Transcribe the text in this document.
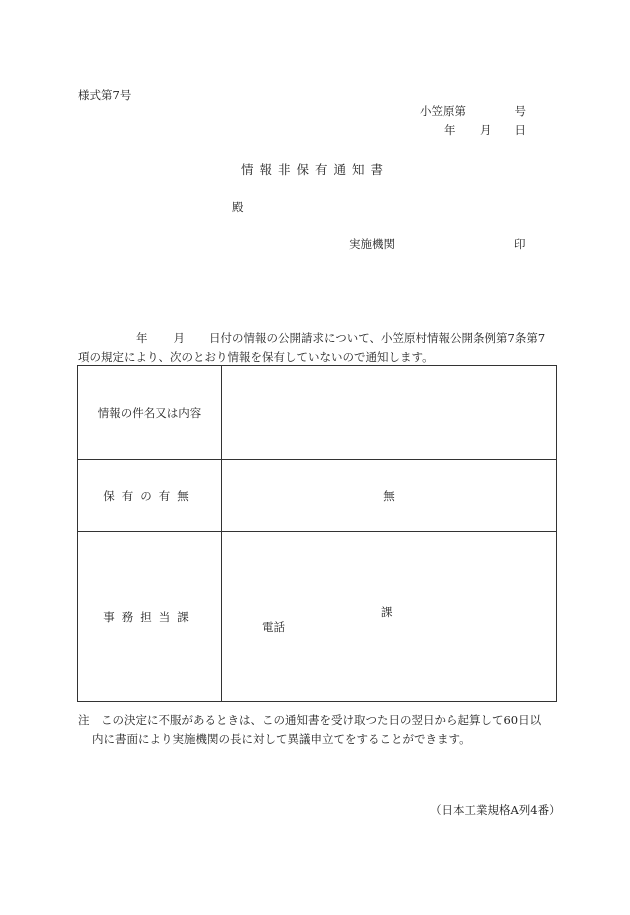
様式第7号
小笠原第	号
年 月 日
情報非保有通知書
殿
実施機関	印
年 月 日付の情報の公開請求について、小笠原村情報公開条例第7条第7項の規定により、次のとおり情報を保有していないので通知します。
情報の件名又は内容	
保有の有無	無
事務担当課	課
電話
注　この決定に不服があるときは、この通知書を受け取つた日の翌日から起算して60日以
内に書面により実施機関の長に対して異議申立てをすることができます。
（日本工業規格A列4番）
